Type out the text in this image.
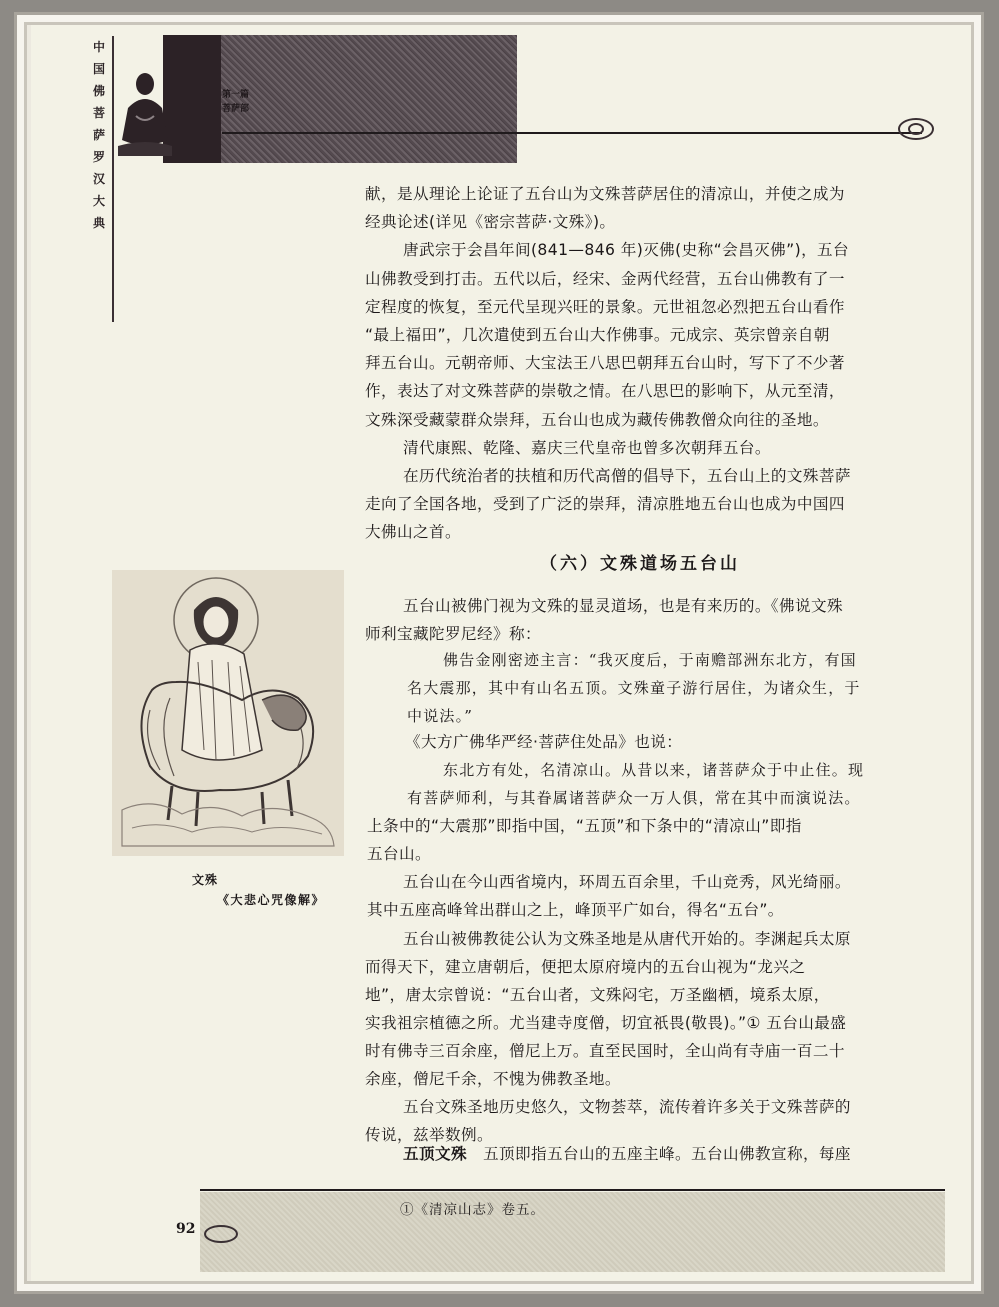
中
国
佛
菩
萨
罗
汉
大
典
第一篇
菩萨部
献，是从理论上论证了五台山为文殊菩萨居住的清凉山，并使之成为
经典论述(详见《密宗菩萨·文殊》)。
唐武宗于会昌年间(841—846 年)灭佛(史称“会昌灭佛”)，五台
山佛教受到打击。五代以后，经宋、金两代经营，五台山佛教有了一
定程度的恢复，至元代呈现兴旺的景象。元世祖忽必烈把五台山看作
“最上福田”，几次遣使到五台山大作佛事。元成宗、英宗曾亲自朝
拜五台山。元朝帝师、大宝法王八思巴朝拜五台山时，写下了不少著
作，表达了对文殊菩萨的崇敬之情。在八思巴的影响下，从元至清，
文殊深受藏蒙群众崇拜，五台山也成为藏传佛教僧众向往的圣地。
清代康熙、乾隆、嘉庆三代皇帝也曾多次朝拜五台。
在历代统治者的扶植和历代高僧的倡导下，五台山上的文殊菩萨
走向了全国各地，受到了广泛的崇拜，清凉胜地五台山也成为中国四
大佛山之首。
（六）文殊道场五台山
文殊
《大悲心咒像解》
五台山被佛门视为文殊的显灵道场，也是有来历的。《佛说文殊
师利宝藏陀罗尼经》称：
佛告金刚密迹主言：“我灭度后，于南赡部洲东北方，有国
名大震那，其中有山名五顶。文殊童子游行居住，为诸众生，于
中说法。”
《大方广佛华严经·菩萨住处品》也说：
东北方有处，名清凉山。从昔以来，诸菩萨众于中止住。现
有菩萨师利，与其眷属诸菩萨众一万人俱，常在其中而演说法。
上条中的“大震那”即指中国，“五顶”和下条中的“清凉山”即指
五台山。
五台山在今山西省境内，环周五百余里，千山竞秀，风光绮丽。
其中五座高峰耸出群山之上，峰顶平广如台，得名“五台”。
五台山被佛教徒公认为文殊圣地是从唐代开始的。李渊起兵太原
而得天下，建立唐朝后，便把太原府境内的五台山视为“龙兴之
地”，唐太宗曾说：“五台山者，文殊闷宅，万圣幽栖，境系太原，
实我祖宗植德之所。尤当建寺度僧，切宜祇畏(敬畏)。”① 五台山最盛
时有佛寺三百余座，僧尼上万。直至民国时，全山尚有寺庙一百二十
余座，僧尼千余，不愧为佛教圣地。
五台文殊圣地历史悠久，文物荟萃，流传着许多关于文殊菩萨的
传说，兹举数例。
五顶文殊 五顶即指五台山的五座主峰。五台山佛教宣称，每座
①《清凉山志》卷五。
92
